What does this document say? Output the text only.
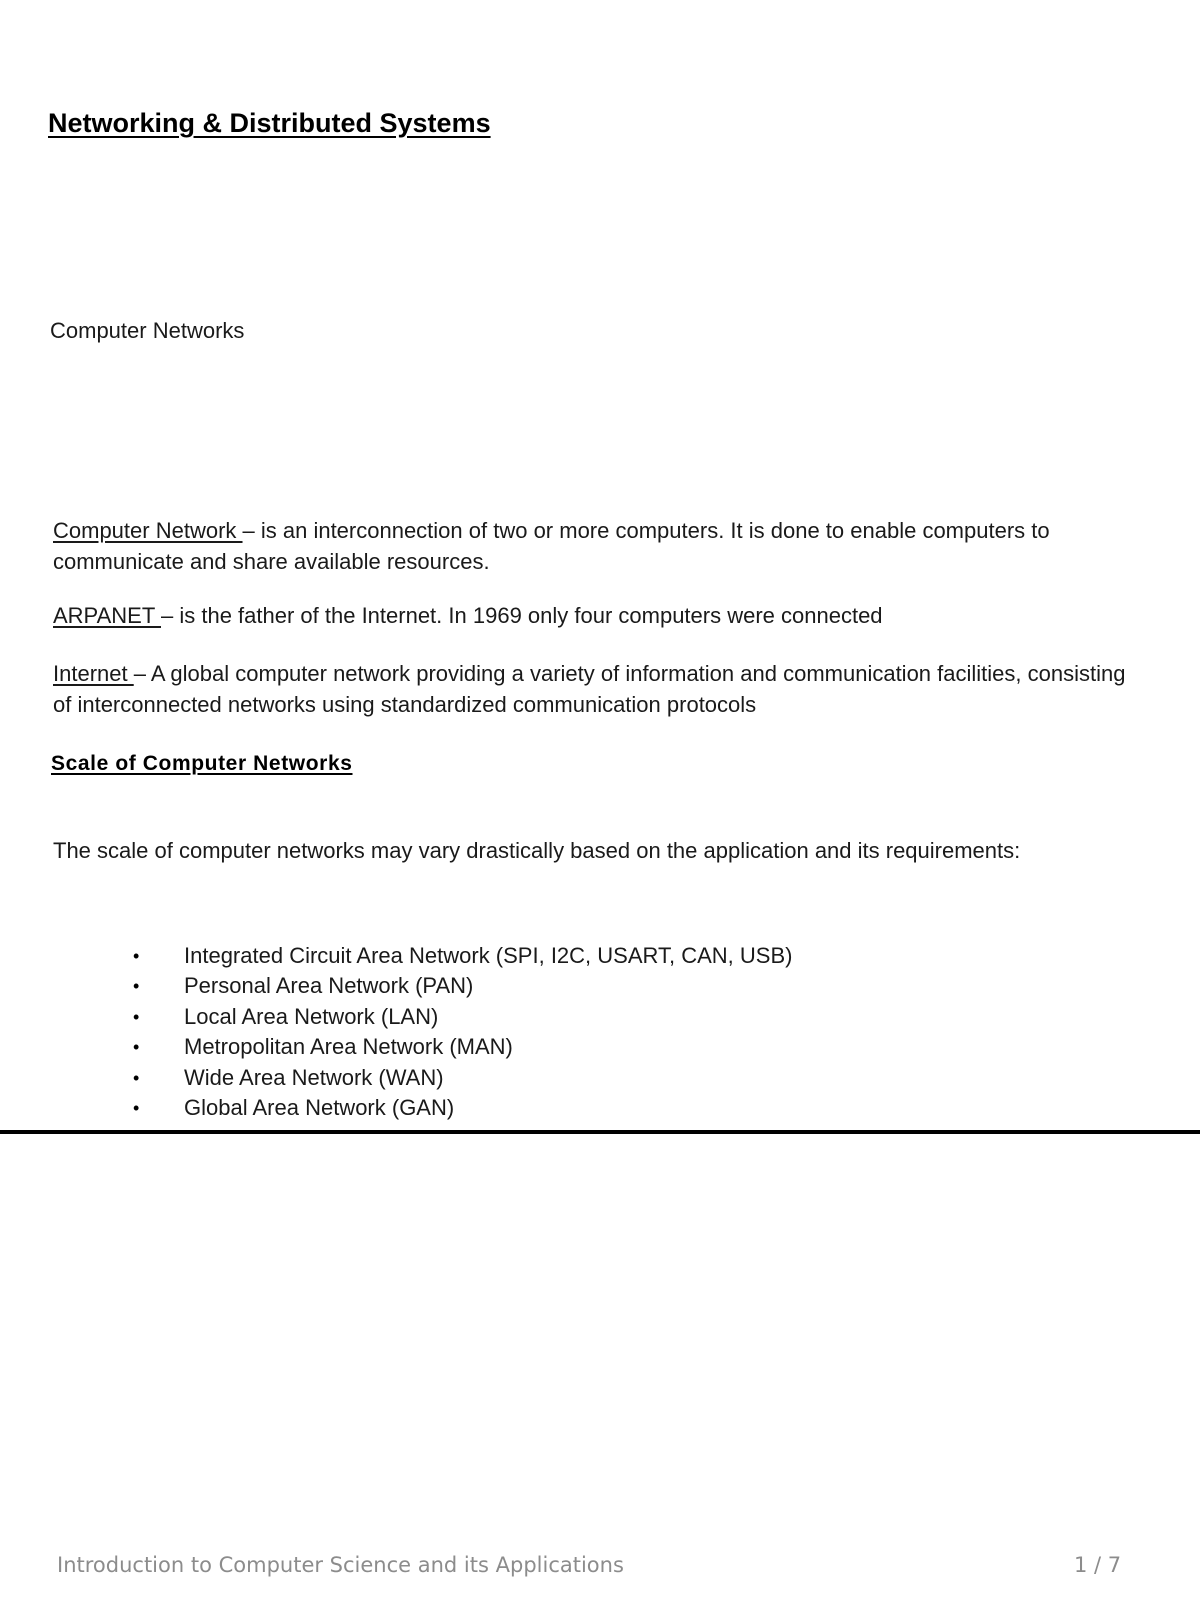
Networking & Distributed Systems
Computer Networks

Computer Network – is an interconnection of two or more computers. It is done to enable computers to communicate and share available resources.

ARPANET – is the father of the Internet. In 1969 only four computers were connected

Internet – A global computer network providing a variety of information and communication facilities, consisting of interconnected networks using standardized communication protocols

Scale of Computer Networks

The scale of computer networks may vary drastically based on the application and its requirements:

• Integrated Circuit Area Network (SPI, I2C, USART, CAN, USB)
• Personal Area Network (PAN)
• Local Area Network (LAN)
• Metropolitan Area Network (MAN)
• Wide Area Network (WAN)
• Global Area Network (GAN)
Introduction to Computer Science and its Applications	1 / 7
